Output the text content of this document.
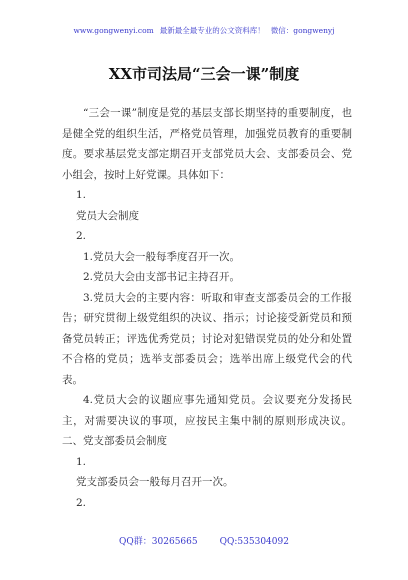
www.gongwenyi.com 最新最全最专业的公文资料库！ 微信：gongwenyj
XX市司法局“三会一课”制度

“三会一课”制度是党的基层支部长期坚持的重要制度，也是健全党的组织生活，严格党员管理，加强党员教育的重要制度。要求基层党支部定期召开支部党员大会、支部委员会、党小组会，按时上好党课。具体如下：

1.

党员大会制度

2.

1.党员大会一般每季度召开一次。

2.党员大会由支部书记主持召开。

3.党员大会的主要内容：听取和审查支部委员会的工作报告；研究贯彻上级党组织的决议、指示；讨论接受新党员和预备党员转正；评选优秀党员；讨论对犯错误党员的处分和处置不合格的党员；选举支部委员会；选举出席上级党代会的代表。

4.党员大会的议题应事先通知党员。会议要充分发扬民主，对需要决议的事项，应按民主集中制的原则形成决议。二、党支部委员会制度

1.

党支部委员会一般每月召开一次。

2.

QQ群：30265665 QQ:535304092
